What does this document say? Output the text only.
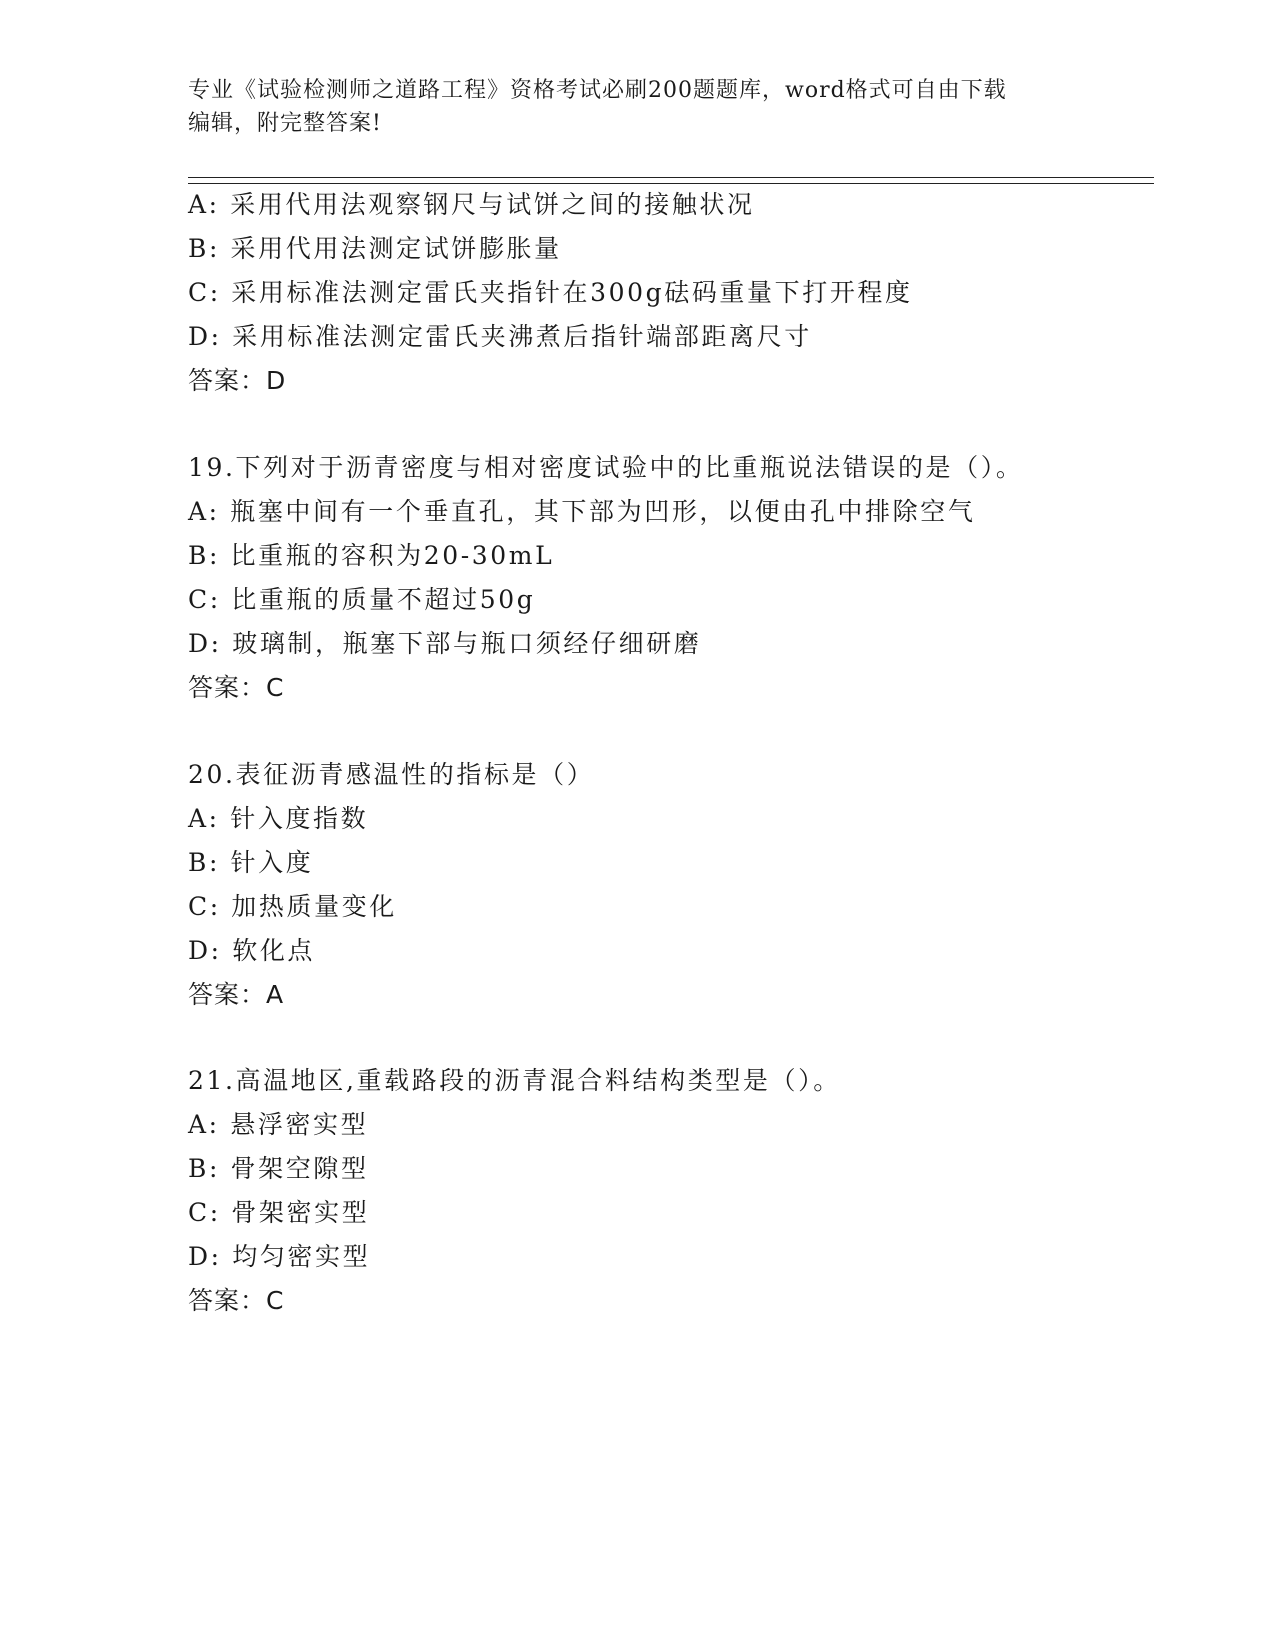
专业《试验检测师之道路工程》资格考试必刷200题题库，word格式可自由下载
编辑，附完整答案!
A: 采用代用法观察钢尺与试饼之间的接触状况
B: 采用代用法测定试饼膨胀量
C: 采用标准法测定雷氏夹指针在300g砝码重量下打开程度
D: 采用标准法测定雷氏夹沸煮后指针端部距离尺寸
答案：D
19.下列对于沥青密度与相对密度试验中的比重瓶说法错误的是（）。
A: 瓶塞中间有一个垂直孔，其下部为凹形，以便由孔中排除空气
B: 比重瓶的容积为20-30mL
C: 比重瓶的质量不超过50g
D: 玻璃制，瓶塞下部与瓶口须经仔细研磨
答案：C
20.表征沥青感温性的指标是（）
A: 针入度指数
B: 针入度
C: 加热质量变化
D: 软化点
答案：A
21.高温地区,重载路段的沥青混合料结构类型是（）。
A: 悬浮密实型
B: 骨架空隙型
C: 骨架密实型
D: 均匀密实型
答案：C
